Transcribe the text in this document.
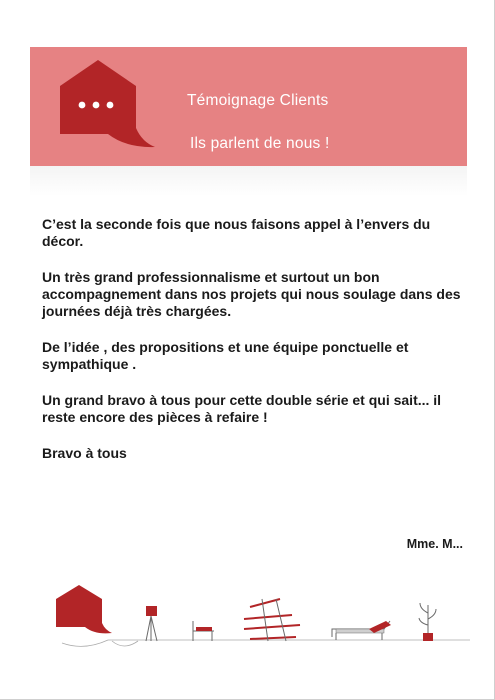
Témoignage Clients
Ils parlent de nous !

C’est la seconde fois que nous faisons appel à l’envers du décor.

Un très grand professionnalisme et surtout un bon accompagnement dans nos projets qui nous soulage dans des journées déjà très chargées.

De l’idée , des propositions et une équipe ponctuelle et sympathique .

Un grand bravo à tous pour cette double série et qui sait... il reste encore des pièces à refaire !

Bravo à tous

Mme. M...
